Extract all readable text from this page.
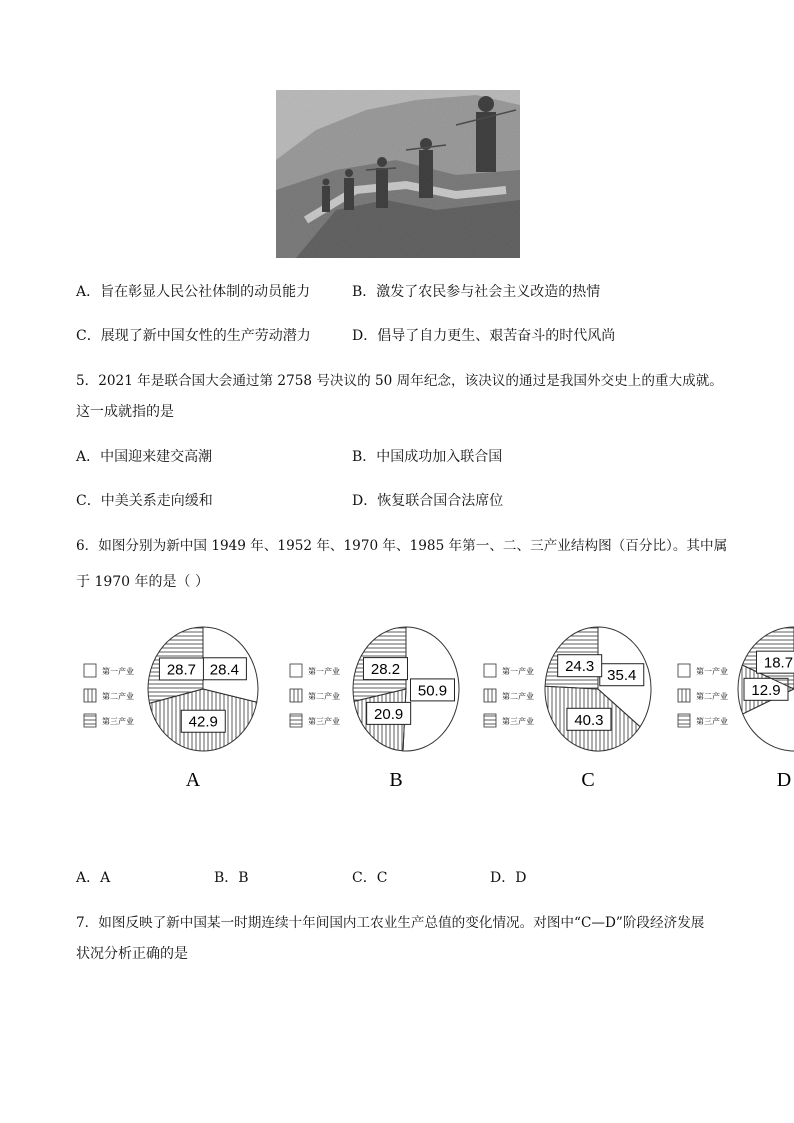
A．旨在彰显人民公社体制的动员能力	B．激发了农民参与社会主义改造的热情
C．展现了新中国女性的生产劳动潜力	D．倡导了自力更生、艰苦奋斗的时代风尚
5．2021 年是联合国大会通过第 2758 号决议的 50 周年纪念，该决议的通过是我国外交史上的重大成就。
这一成就指的是
A．中国迎来建交高潮	B．中国成功加入联合国
C．中美关系走向缓和	D．恢复联合国合法席位
6．如图分别为新中国 1949 年、1952 年、1970 年、1985 年第一、二、三产业结构图（百分比）。其中属
于 1970 年的是（ ）
第一产业
第二产业
第三产业
28.4
42.9
28.7
A
第一产业
第二产业
第三产业
50.9
20.9
28.2
B
第一产业
第二产业
第三产业
35.4
40.3
24.3
C
第一产业
第二产业
第三产业
12.9
18.7
D
A．A	B．B	C．C	D．D
7．如图反映了新中国某一时期连续十年间国内工农业生产总值的变化情况。对图中“C—D”阶段经济发展
状况分析正确的是
